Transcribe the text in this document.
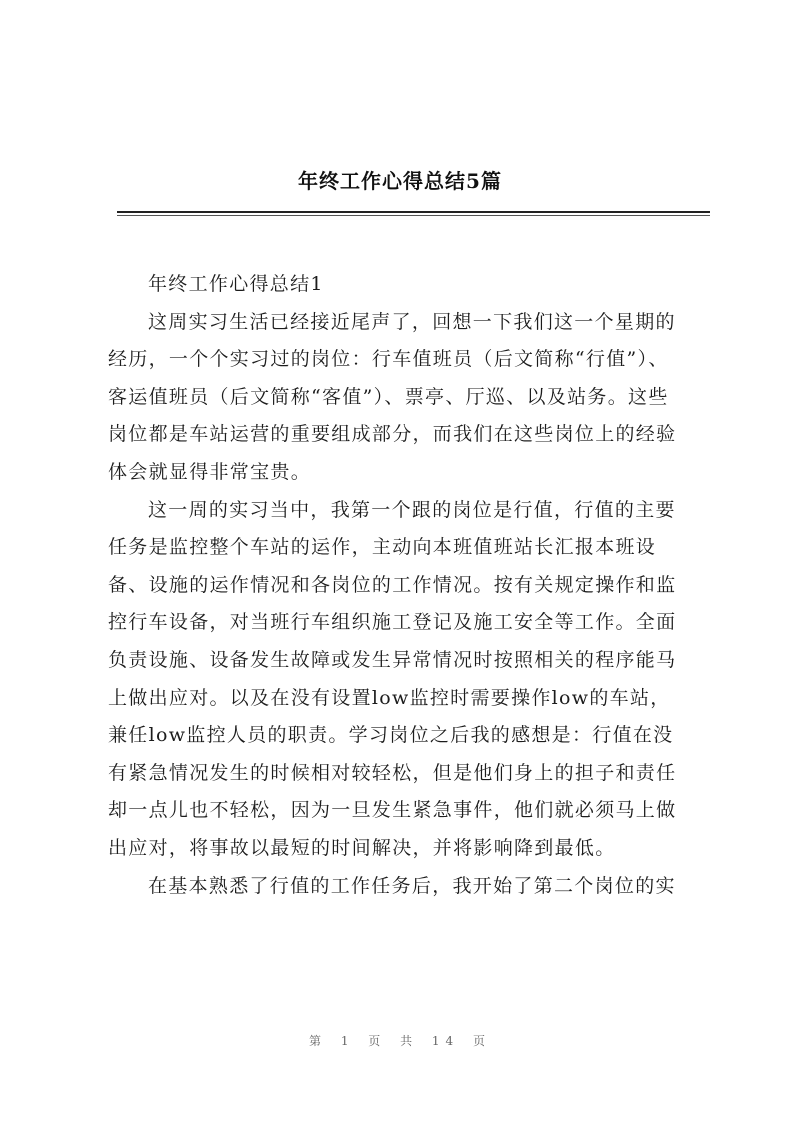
年终工作心得总结5篇
年终工作心得总结1
这周实习生活已经接近尾声了，回想一下我们这一个星期的
经历，一个个实习过的岗位：行车值班员（后文简称“行值”）、
客运值班员（后文简称“客值”）、票亭、厅巡、以及站务。这些
岗位都是车站运营的重要组成部分，而我们在这些岗位上的经验
体会就显得非常宝贵。
这一周的实习当中，我第一个跟的岗位是行值，行值的主要
任务是监控整个车站的运作，主动向本班值班站长汇报本班设
备、设施的运作情况和各岗位的工作情况。按有关规定操作和监
控行车设备，对当班行车组织施工登记及施工安全等工作。全面
负责设施、设备发生故障或发生异常情况时按照相关的程序能马
上做出应对。以及在没有设置low监控时需要操作low的车站，
兼任low监控人员的职责。学习岗位之后我的感想是：行值在没
有紧急情况发生的时候相对较轻松，但是他们身上的担子和责任
却一点儿也不轻松，因为一旦发生紧急事件，他们就必须马上做
出应对，将事故以最短的时间解决，并将影响降到最低。
在基本熟悉了行值的工作任务后，我开始了第二个岗位的实
第 1 页 共 14 页
